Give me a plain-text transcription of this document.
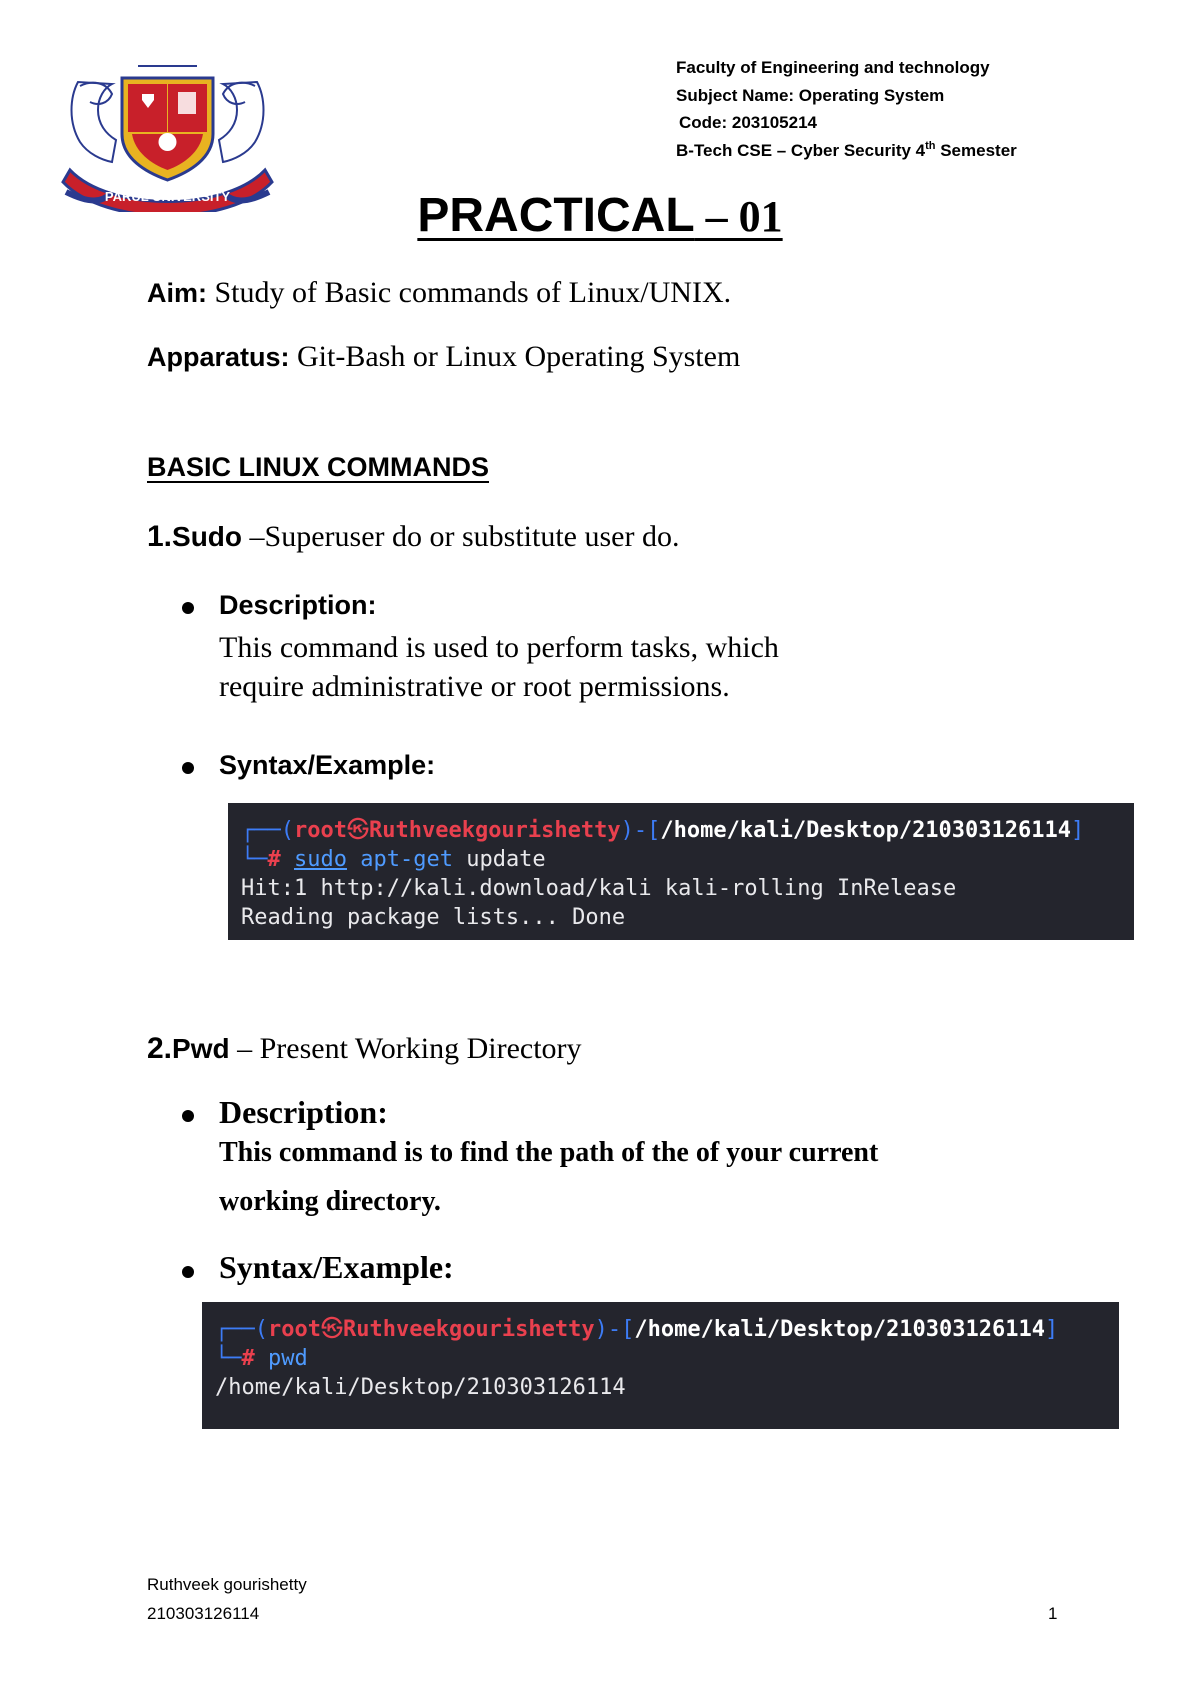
PARUL UNIVERSITY
Faculty of Engineering and technology
Subject Name: Operating System
Code: 203105214
B-Tech CSE – Cyber Security 4th Semester
PRACTICAL – 01
Aim: Study of Basic commands of Linux/UNIX.
Apparatus: Git-Bash or Linux Operating System
BASIC LINUX COMMANDS
1.Sudo –Superuser do or substitute user do.
Description:
This command is used to perform tasks, which
require administrative or root permissions.
Syntax/Example:
┌──(root㉿Ruthveekgourishetty)-[/home/kali/Desktop/210303126114]
└─# sudo apt-get update
Hit:1 http://kali.download/kali kali-rolling InRelease
Reading package lists... Done
2.Pwd – Present Working Directory
Description:
This command is to find the path of the of your current
working directory.
Syntax/Example:
┌──(root㉿Ruthveekgourishetty)-[/home/kali/Desktop/210303126114]
└─# pwd
/home/kali/Desktop/210303126114
Ruthveek gourishetty
210303126114	1
